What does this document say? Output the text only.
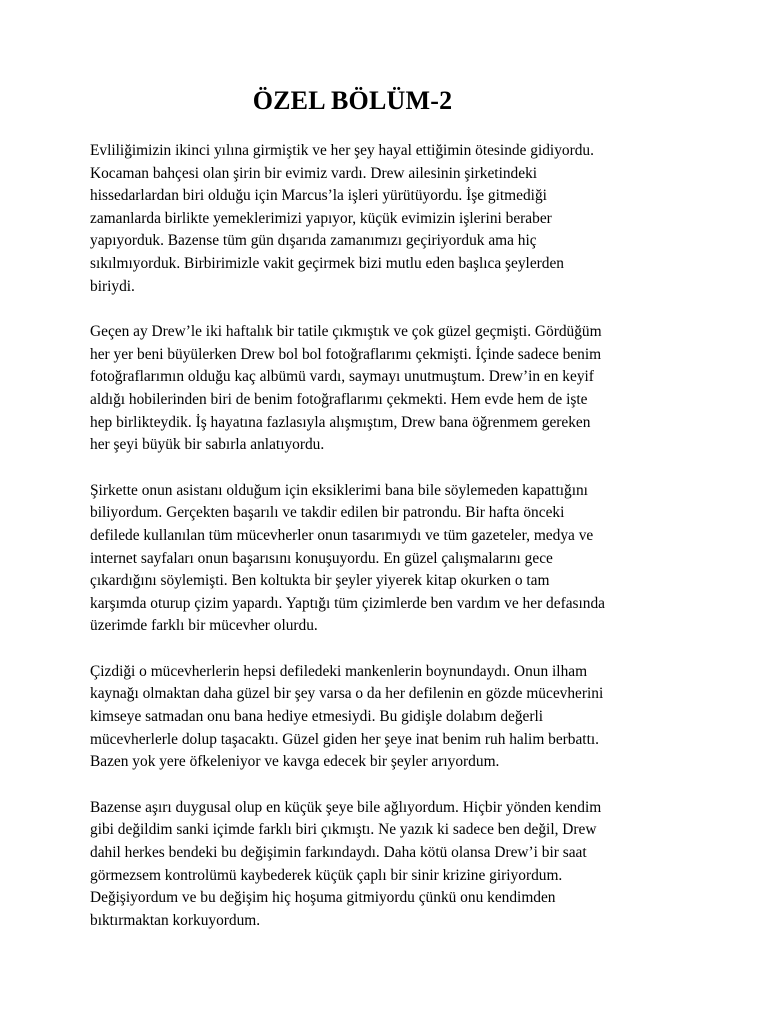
ÖZEL BÖLÜM-2

Evliliğimizin ikinci yılına girmiştik ve her şey hayal ettiğimin ötesinde gidiyordu.
Kocaman bahçesi olan şirin bir evimiz vardı. Drew ailesinin şirketindeki
hissedarlardan biri olduğu için Marcus’la işleri yürütüyordu. İşe gitmediği
zamanlarda birlikte yemeklerimizi yapıyor, küçük evimizin işlerini beraber
yapıyorduk. Bazense tüm gün dışarıda zamanımızı geçiriyorduk ama hiç
sıkılmıyorduk. Birbirimizle vakit geçirmek bizi mutlu eden başlıca şeylerden
biriydi.

Geçen ay Drew’le iki haftalık bir tatile çıkmıştık ve çok güzel geçmişti. Gördüğüm
her yer beni büyülerken Drew bol bol fotoğraflarımı çekmişti. İçinde sadece benim
fotoğraflarımın olduğu kaç albümü vardı, saymayı unutmuştum. Drew’in en keyif
aldığı hobilerinden biri de benim fotoğraflarımı çekmekti. Hem evde hem de işte
hep birlikteydik. İş hayatına fazlasıyla alışmıştım, Drew bana öğrenmem gereken
her şeyi büyük bir sabırla anlatıyordu.

Şirkette onun asistanı olduğum için eksiklerimi bana bile söylemeden kapattığını
biliyordum. Gerçekten başarılı ve takdir edilen bir patrondu. Bir hafta önceki
defilede kullanılan tüm mücevherler onun tasarımıydı ve tüm gazeteler, medya ve
internet sayfaları onun başarısını konuşuyordu. En güzel çalışmalarını gece
çıkardığını söylemişti. Ben koltukta bir şeyler yiyerek kitap okurken o tam
karşımda oturup çizim yapardı. Yaptığı tüm çizimlerde ben vardım ve her defasında
üzerimde farklı bir mücevher olurdu.

Çizdiği o mücevherlerin hepsi defiledeki mankenlerin boynundaydı. Onun ilham
kaynağı olmaktan daha güzel bir şey varsa o da her defilenin en gözde mücevherini
kimseye satmadan onu bana hediye etmesiydi. Bu gidişle dolabım değerli
mücevherlerle dolup taşacaktı. Güzel giden her şeye inat benim ruh halim berbattı.
Bazen yok yere öfkeleniyor ve kavga edecek bir şeyler arıyordum.

Bazense aşırı duygusal olup en küçük şeye bile ağlıyordum. Hiçbir yönden kendim
gibi değildim sanki içimde farklı biri çıkmıştı. Ne yazık ki sadece ben değil, Drew
dahil herkes bendeki bu değişimin farkındaydı. Daha kötü olansa Drew’i bir saat
görmezsem kontrolümü kaybederek küçük çaplı bir sinir krizine giriyordum.
Değişiyordum ve bu değişim hiç hoşuma gitmiyordu çünkü onu kendimden
bıktırmaktan korkuyordum.
